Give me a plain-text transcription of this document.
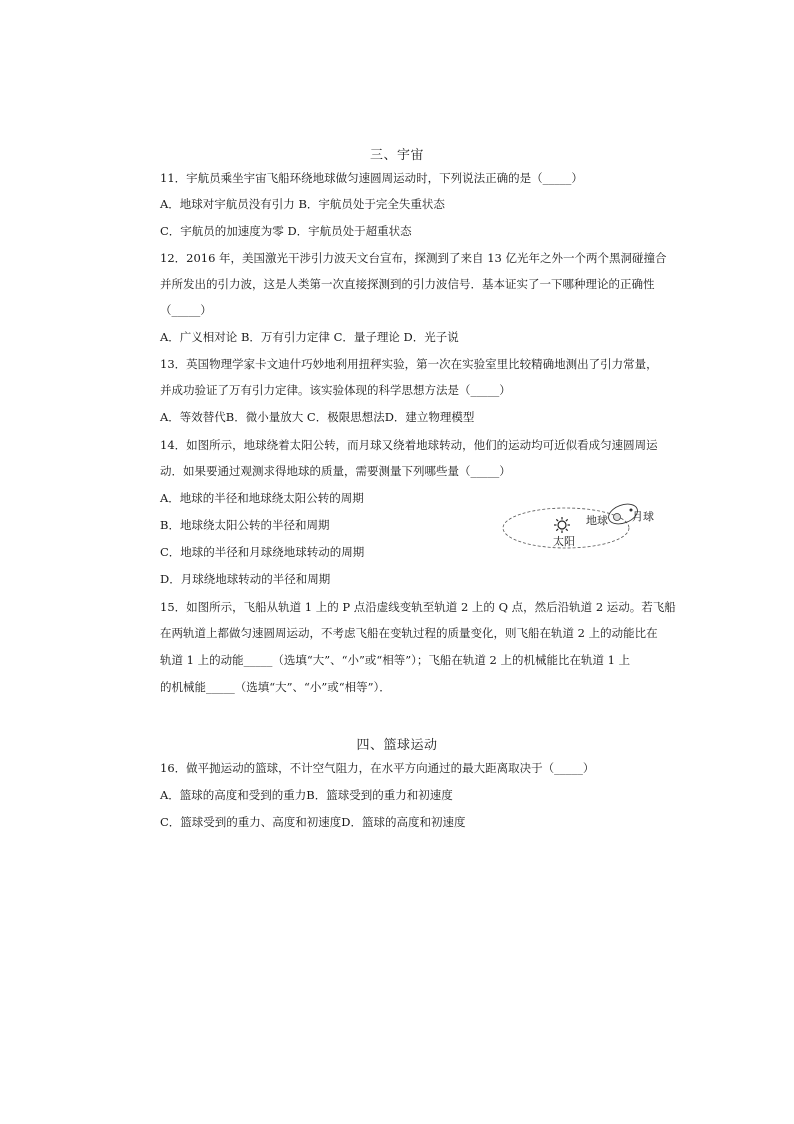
三、宇宙
11．宇航员乘坐宇宙飞船环绕地球做匀速圆周运动时，下列说法正确的是（_____）
A．地球对宇航员没有引力 B．宇航员处于完全失重状态
C．宇航员的加速度为零 D．宇航员处于超重状态
12．2016 年，美国激光干涉引力波天文台宣布，探测到了来自 13 亿光年之外一个两个黑洞碰撞合
并所发出的引力波，这是人类第一次直接探测到的引力波信号．基本证实了一下哪种理论的正确性
（_____）
A．广义相对论 B．万有引力定律 C．量子理论 D．光子说
13．英国物理学家卡文迪什巧妙地利用扭秤实验，第一次在实验室里比较精确地测出了引力常量，
并成功验证了万有引力定律。该实验体现的科学思想方法是（_____）
A．等效替代B．微小量放大 C．极限思想法D．建立物理模型
14．如图所示，地球绕着太阳公转，而月球又绕着地球转动，他们的运动均可近似看成匀速圆周运
动．如果要通过观测求得地球的质量，需要测量下列哪些量（_____）
A．地球的半径和地球绕太阳公转的周期
B．地球绕太阳公转的半径和周期
C．地球的半径和月球绕地球转动的周期
D．月球绕地球转动的半径和周期
太阳
地球 月球
15．如图所示，飞船从轨道 1 上的 P 点沿虚线变轨至轨道 2 上的 Q 点，然后沿轨道 2 运动。若飞船
在两轨道上都做匀速圆周运动，不考虑飞船在变轨过程的质量变化，则飞船在轨道 2 上的动能比在
轨道 1 上的动能_____（选填“大”、“小”或“相等”）；飞船在轨道 2 上的机械能比在轨道 1 上
的机械能_____（选填“大”、“小”或“相等”）．
四、篮球运动
16．做平抛运动的篮球，不计空气阻力，在水平方向通过的最大距离取决于（_____）
A．篮球的高度和受到的重力B．篮球受到的重力和初速度
C．篮球受到的重力、高度和初速度D．篮球的高度和初速度
